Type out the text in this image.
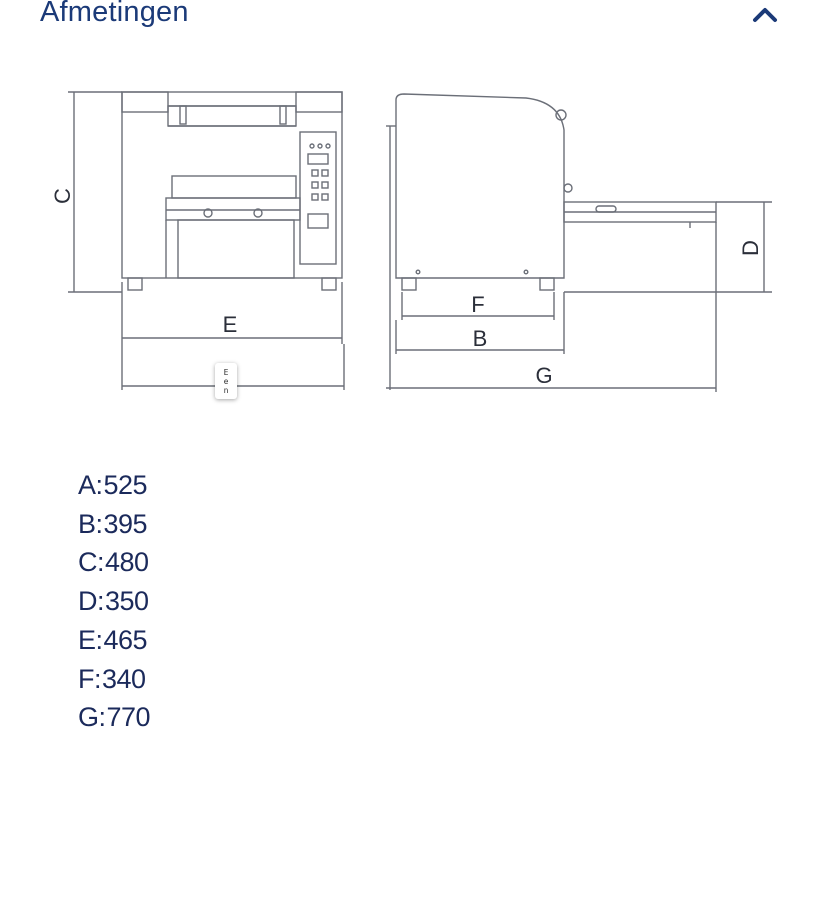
Afmetingen
C
E
F
B
G
D
E
e
n
A:525
B:395
C:480
D:350
E:465
F:340
G:770
